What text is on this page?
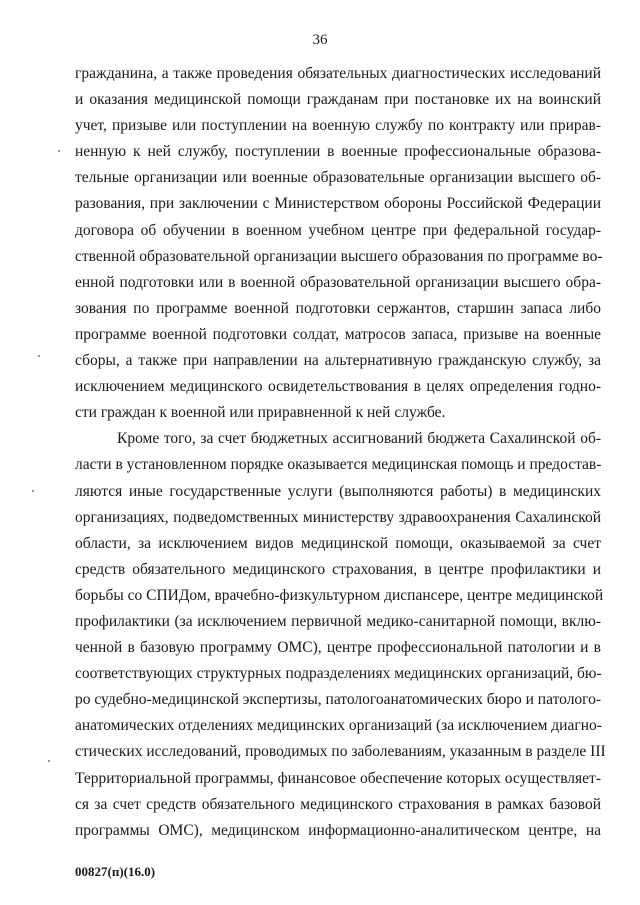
36
гражданина, а также проведения обязательных диагностических исследований
и оказания медицинской помощи гражданам при постановке их на воинский
учет, призыве или поступлении на военную службу по контракту или прирав-
ненную к ней службу, поступлении в военные профессиональные образова-
тельные организации или военные образовательные организации высшего об-
разования, при заключении с Министерством обороны Российской Федерации
договора об обучении в военном учебном центре при федеральной государ-
ственной образовательной организации высшего образования по программе во-
енной подготовки или в военной образовательной организации высшего обра-
зования по программе военной подготовки сержантов, старшин запаса либо
программе военной подготовки солдат, матросов запаса, призыве на военные
сборы, а также при направлении на альтернативную гражданскую службу, за
исключением медицинского освидетельствования в целях определения годно-
сти граждан к военной или приравненной к ней службе.
Кроме того, за счет бюджетных ассигнований бюджета Сахалинской об-
ласти в установленном порядке оказывается медицинская помощь и предостав-
ляются иные государственные услуги (выполняются работы) в медицинских
организациях, подведомственных министерству здравоохранения Сахалинской
области, за исключением видов медицинской помощи, оказываемой за счет
средств обязательного медицинского страхования, в центре профилактики и
борьбы со СПИДом, врачебно-физкультурном диспансере, центре медицинской
профилактики (за исключением первичной медико-санитарной помощи, вклю-
ченной в базовую программу ОМС), центре профессиональной патологии и в
соответствующих структурных подразделениях медицинских организаций, бю-
ро судебно-медицинской экспертизы, патологоанатомических бюро и патолого-
анатомических отделениях медицинских организаций (за исключением диагно-
стических исследований, проводимых по заболеваниям, указанным в разделе III
Территориальной программы, финансовое обеспечение которых осуществляет-
ся за счет средств обязательного медицинского страхования в рамках базовой
программы ОМС), медицинском информационно-аналитическом центре, на
00827(п)(16.0)
